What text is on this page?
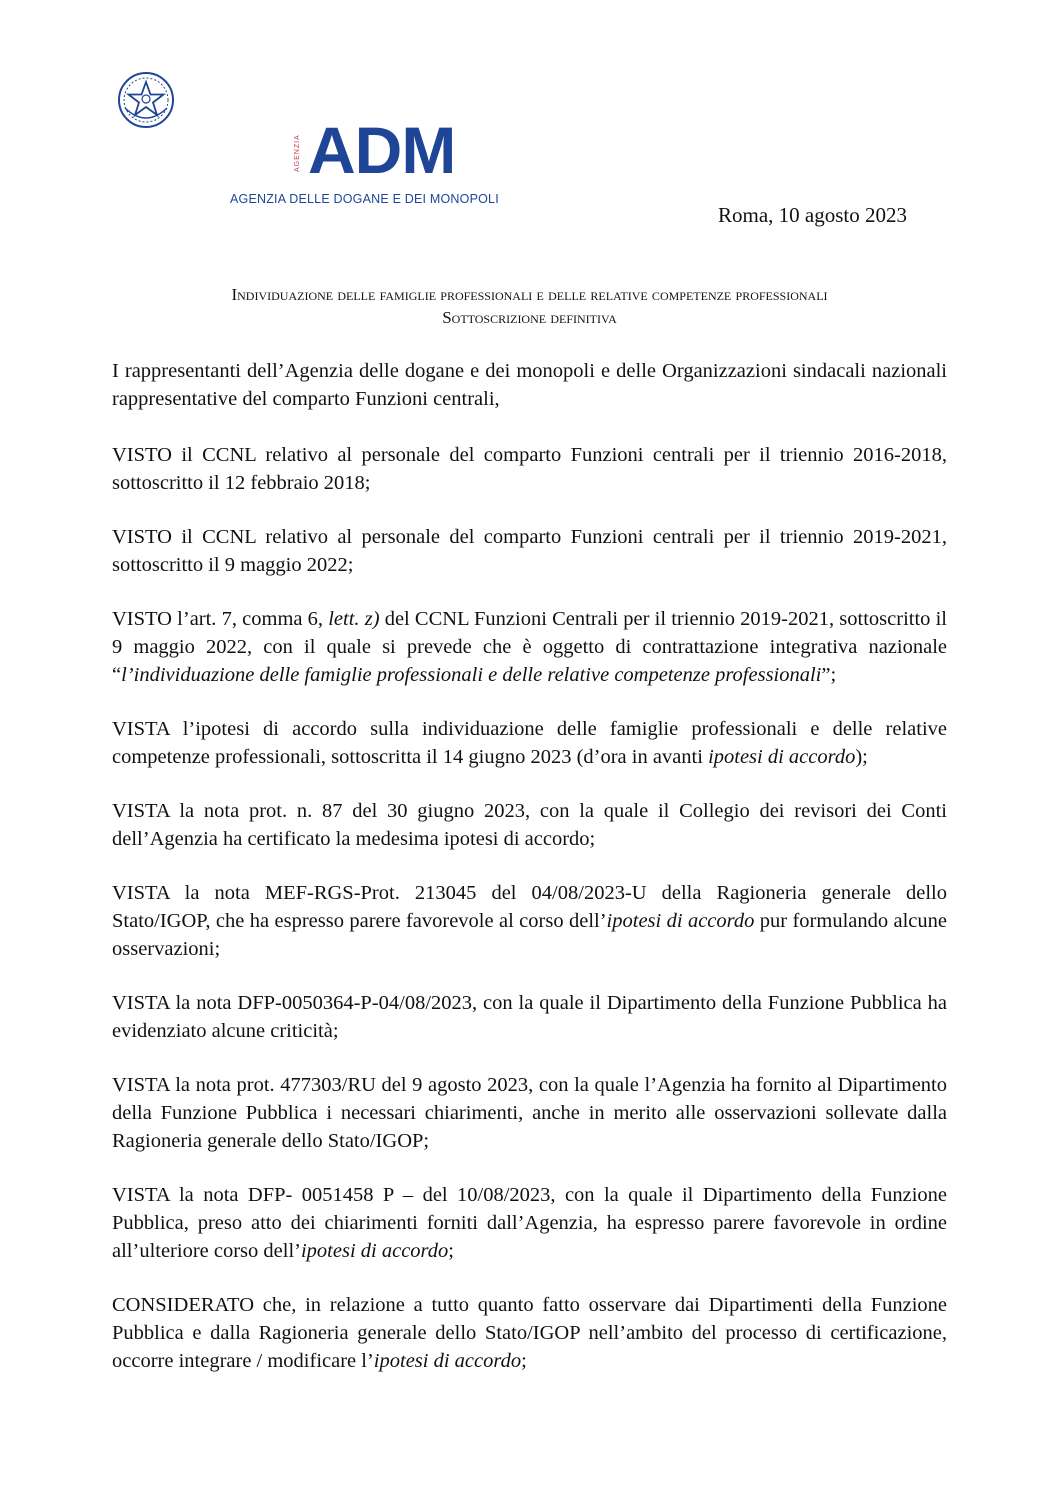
AGENZIA ADM
AGENZIA DELLE DOGANE E DEI MONOPOLI
Roma, 10 agosto 2023
Individuazione delle famiglie professionali e delle relative competenze professionali
Sottoscrizione definitiva

I rappresentanti dell’Agenzia delle dogane e dei monopoli e delle Organizzazioni sindacali nazionali rappresentative del comparto Funzioni centrali,

VISTO il CCNL relativo al personale del comparto Funzioni centrali per il triennio 2016-2018, sottoscritto il 12 febbraio 2018;

VISTO il CCNL relativo al personale del comparto Funzioni centrali per il triennio 2019-2021, sottoscritto il 9 maggio 2022;

VISTO l’art. 7, comma 6, lett. z) del CCNL Funzioni Centrali per il triennio 2019-2021, sottoscritto il 9 maggio 2022, con il quale si prevede che è oggetto di contrattazione integrativa nazionale “l’individuazione delle famiglie professionali e delle relative competenze professionali”;

VISTA l’ipotesi di accordo sulla individuazione delle famiglie professionali e delle relative competenze professionali, sottoscritta il 14 giugno 2023 (d’ora in avanti ipotesi di accordo);

VISTA la nota prot. n. 87 del 30 giugno 2023, con la quale il Collegio dei revisori dei Conti dell’Agenzia ha certificato la medesima ipotesi di accordo;

VISTA la nota MEF-RGS-Prot. 213045 del 04/08/2023-U della Ragioneria generale dello Stato/IGOP, che ha espresso parere favorevole al corso dell’ipotesi di accordo pur formulando alcune osservazioni;

VISTA la nota DFP-0050364-P-04/08/2023, con la quale il Dipartimento della Funzione Pubblica ha evidenziato alcune criticità;

VISTA la nota prot. 477303/RU del 9 agosto 2023, con la quale l’Agenzia ha fornito al Dipartimento della Funzione Pubblica i necessari chiarimenti, anche in merito alle osservazioni sollevate dalla Ragioneria generale dello Stato/IGOP;

VISTA la nota DFP- 0051458 P – del 10/08/2023, con la quale il Dipartimento della Funzione Pubblica, preso atto dei chiarimenti forniti dall’Agenzia, ha espresso parere favorevole in ordine all’ulteriore corso dell’ipotesi di accordo;

CONSIDERATO che, in relazione a tutto quanto fatto osservare dai Dipartimenti della Funzione Pubblica e dalla Ragioneria generale dello Stato/IGOP nell’ambito del processo di certificazione, occorre integrare / modificare l’ipotesi di accordo;
